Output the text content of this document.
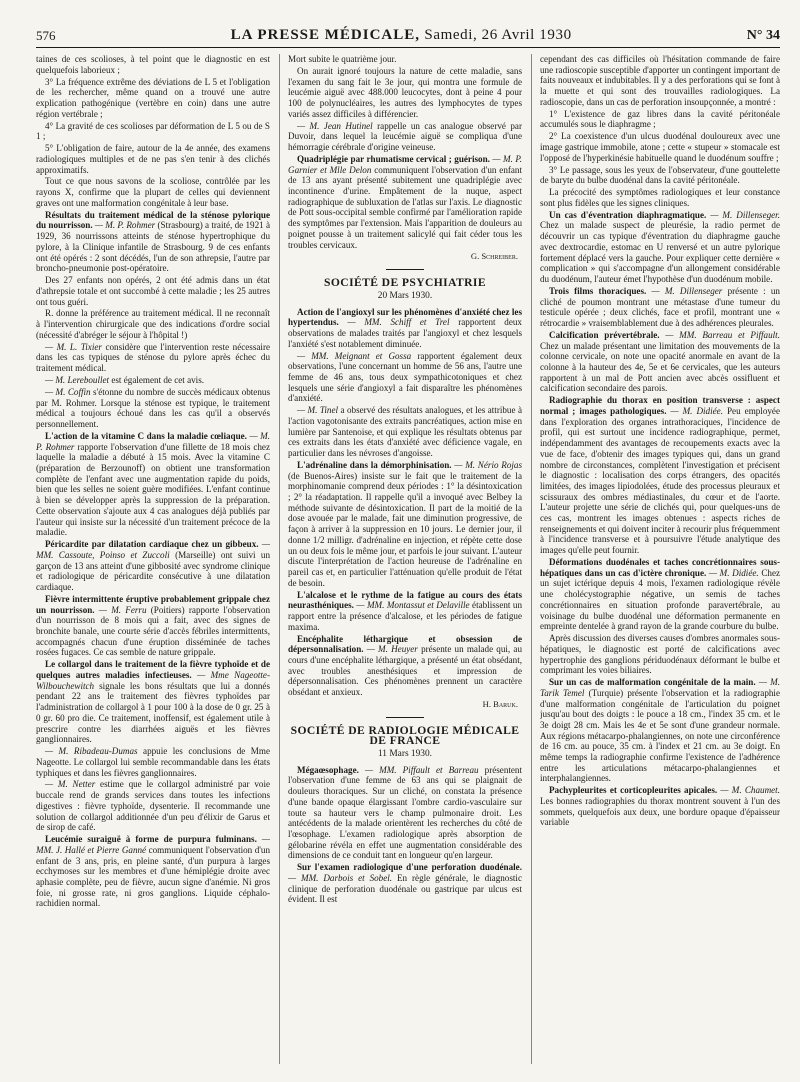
576	LA PRESSE MÉDICALE, Samedi, 26 Avril 1930	N° 34

taines de ces scolioses, à tel point que le diagnostic en est quelquefois laborieux ;

3° La fréquence extrême des déviations de L 5 et l'obligation de les rechercher, même quand on a trouvé une autre explication pathogénique (vertèbre en coin) dans une autre région vertébrale ;

4° La gravité de ces scolioses par déformation de L 5 ou de S 1 ;

5° L'obligation de faire, autour de la 4e année, des examens radiologiques multiples et de ne pas s'en tenir à des clichés approximatifs.

Tout ce que nous savons de la scoliose, contrôlée par les rayons X, confirme que la plupart de celles qui deviennent graves ont une malformation congénitale à leur base.

Résultats du traitement médical de la sténose pylorique du nourrisson. — M. P. Rohmer (Strasbourg) a traité, de 1921 à 1929, 36 nourrissons atteints de sténose hypertrophique du pylore, à la Clinique infantile de Strasbourg. 9 de ces enfants ont été opérés : 2 sont décédés, l'un de son athrepsie, l'autre par broncho-pneumonie post-opératoire.

Des 27 enfants non opérés, 2 ont été admis dans un état d'athrepsie totale et ont succombé à cette maladie ; les 25 autres ont tous guéri.

R. donne la préférence au traitement médical. Il ne reconnaît à l'intervention chirurgicale que des indications d'ordre social (nécessité d'abréger le séjour à l'hôpital !)

— M. L. Tixier considère que l'intervention reste nécessaire dans les cas typiques de sténose du pylore après échec du traitement médical.

— M. Lereboullet est également de cet avis.

— M. Coffin s'étonne du nombre de succès médicaux obtenus par M. Rohmer. Lorsque la sténose est typique, le traitement médical a toujours échoué dans les cas qu'il a observés personnellement.

L'action de la vitamine C dans la maladie cœliaque. — M. P. Rohmer rapporte l'observation d'une fillette de 18 mois chez laquelle la maladie a débuté à 15 mois. Avec la vitamine C (préparation de Berzounoff) on obtient une transformation complète de l'enfant avec une augmentation rapide du poids, bien que les selles ne soient guère modifiées. L'enfant continue à bien se développer après la suppression de la préparation. Cette observation s'ajoute aux 4 cas analogues déjà publiés par l'auteur qui insiste sur la nécessité d'un traitement précoce de la maladie.

Péricardite par dilatation cardiaque chez un gibbeux. — MM. Cassoute, Poinso et Zuccoli (Marseille) ont suivi un garçon de 13 ans atteint d'une gibbosité avec syndrome clinique et radiologique de péricardite consécutive à une dilatation cardiaque.

Fièvre intermittente éruptive probablement grippale chez un nourrisson. — M. Ferru (Poitiers) rapporte l'observation d'un nourrisson de 8 mois qui a fait, avec des signes de bronchite banale, une courte série d'accès fébriles intermittents, accompagnés chacun d'une éruption disséminée de taches rosées fugaces. Ce cas semble de nature grippale.

Le collargol dans le traitement de la fièvre typhoïde et de quelques autres maladies infectieuses. — Mme Nageotte-Wilbouchewitch signale les bons résultats que lui a donnés pendant 22 ans le traitement des fièvres typhoïdes par l'administration de collargol à 1 pour 100 à la dose de 0 gr. 25 à 0 gr. 60 pro die. Ce traitement, inoffensif, est également utile à prescrire contre les diarrhées aiguës et les fièvres ganglionnaires.

— M. Ribadeau-Dumas appuie les conclusions de Mme Nageotte. Le collargol lui semble recommandable dans les états typhiques et dans les fièvres ganglionnaires.

— M. Netter estime que le collargol administré par voie buccale rend de grands services dans toutes les infections digestives : fièvre typhoïde, dysenterie. Il recommande une solution de collargol additionnée d'un peu d'élixir de Garus et de sirop de café.

Leucémie suraiguë à forme de purpura fulminans. — MM. J. Hallé et Pierre Ganné communiquent l'observation d'un enfant de 3 ans, pris, en pleine santé, d'un purpura à larges ecchymoses sur les membres et d'une hémiplégie droite avec aphasie complète, peu de fièvre, aucun signe d'anémie. Ni gros foie, ni grosse rate, ni gros ganglions. Liquide céphalo-rachidien normal.

Mort subite le quatrième jour.

On aurait ignoré toujours la nature de cette maladie, sans l'examen du sang fait le 3e jour, qui montra une formule de leucémie aiguë avec 488.000 leucocytes, dont à peine 4 pour 100 de polynucléaires, les autres des lymphocytes de types variés assez difficiles à différencier.

— M. Jean Hutinel rappelle un cas analogue observé par Duvoir, dans lequel la leucémie aiguë se compliqua d'une hémorragie cérébrale d'origine veineuse.

Quadriplégie par rhumatisme cervical ; guérison. — M. P. Garnier et Mlle Delon communiquent l'observation d'un enfant de 13 ans ayant présenté subitement une quadriplégie avec incontinence d'urine. Empâtement de la nuque, aspect radiographique de subluxation de l'atlas sur l'axis. Le diagnostic de Pott sous-occipital semble confirmé par l'amélioration rapide des symptômes par l'extension. Mais l'apparition de douleurs au poignet pousse à un traitement salicylé qui fait céder tous les troubles cervicaux.

G. Schreiber.

SOCIÉTÉ DE PSYCHIATRIE
20 Mars 1930.

Action de l'angioxyl sur les phénomènes d'anxiété chez les hypertendus. — MM. Schiff et Trel rapportent deux observations de malades traités par l'angioxyl et chez lesquels l'anxiété s'est notablement diminuée.

— MM. Meignant et Gossa rapportent également deux observations, l'une concernant un homme de 56 ans, l'autre une femme de 46 ans, tous deux sympathicotoniques et chez lesquels une série d'angioxyl a fait disparaître les phénomènes d'anxiété.

— M. Tinel a observé des résultats analogues, et les attribue à l'action vagotonisante des extraits pancréatiques, action mise en lumière par Santenoise, et qui explique les résultats obtenus par ces extraits dans les états d'anxiété avec déficience vagale, en particulier dans les névroses d'angoisse.

L'adrénaline dans la démorphinisation. — M. Nério Rojas (de Buenos-Aires) insiste sur le fait que le traitement de la morphinomanie comprend deux périodes : 1° la désintoxication ; 2° la réadaptation. Il rappelle qu'il a invoqué avec Belbey la méthode suivante de désintoxication. Il part de la moitié de la dose avouée par le malade, fait une diminution progressive, de façon à arriver à la suppression en 10 jours. Le dernier jour, il donne 1/2 milligr. d'adrénaline en injection, et répète cette dose un ou deux fois le même jour, et parfois le jour suivant. L'auteur discute l'interprétation de l'action heureuse de l'adrénaline en pareil cas et, en particulier l'atténuation qu'elle produit de l'état de besoin.

L'alcalose et le rythme de la fatigue au cours des états neurasthéniques. — MM. Montassut et Delaville établissent un rapport entre la présence d'alcalose, et les périodes de fatigue maxima.

Encéphalite léthargique et obsession de dépersonnalisation. — M. Heuyer présente un malade qui, au cours d'une encéphalite léthargique, a présenté un état obsédant, avec troubles anesthésiques et impression de dépersonnalisation. Ces phénomènes prennent un caractère obsédant et anxieux.

H. Baruk.

SOCIÉTÉ DE RADIOLOGIE MÉDICALE DE FRANCE
11 Mars 1930.

Mégaœsophage. — MM. Piffault et Barreau présentent l'observation d'une femme de 63 ans qui se plaignait de douleurs thoraciques. Sur un cliché, on constata la présence d'une bande opaque élargissant l'ombre cardio-vasculaire sur toute sa hauteur vers le champ pulmonaire droit. Les antécédents de la malade orientèrent les recherches du côté de l'œsophage. L'examen radiologique après absorption de gélobarine révéla en effet une augmentation considérable des dimensions de ce conduit tant en longueur qu'en largeur.

Sur l'examen radiologique d'une perforation duodénale. — MM. Darbois et Sobel. En règle générale, le diagnostic clinique de perforation duodénale ou gastrique par ulcus est évident. Il est

cependant des cas difficiles où l'hésitation commande de faire une radioscopie susceptible d'apporter un contingent important de faits nouveaux et indubitables. Il y a des perforations qui se font à la muette et qui sont des trouvailles radiologiques. La radioscopie, dans un cas de perforation insoupçonnée, a montré :

1° L'existence de gaz libres dans la cavité péritonéale accumulés sous le diaphragme ;

2° La coexistence d'un ulcus duodénal douloureux avec une image gastrique immobile, atone ; cette « stupeur » stomacale est l'opposé de l'hyperkinésie habituelle quand le duodénum souffre ;

3° Le passage, sous les yeux de l'observateur, d'une gouttelette de baryte du bulbe duodénal dans la cavité péritonéale.

La précocité des symptômes radiologiques et leur constance sont plus fidèles que les signes cliniques.

Un cas d'éventration diaphragmatique. — M. Dillenseger. Chez un malade suspect de pleurésie, la radio permet de découvrir un cas typique d'éventration du diaphragme gauche avec dextrocardie, estomac en U renversé et un autre pylorique fortement déplacé vers la gauche. Pour expliquer cette dernière « complication » qui s'accompagne d'un allongement considérable du duodénum, l'auteur émet l'hypothèse d'un duodénum mobile.

Trois films thoraciques. — M. Dillenseger présente : un cliché de poumon montrant une métastase d'une tumeur du testicule opérée ; deux clichés, face et profil, montrant une « rétrocardie » vraisemblablement due à des adhérences pleurales.

Calcification prévertébrale. — MM. Barreau et Piffault. Chez un malade présentant une limitation des mouvements de la colonne cervicale, on note une opacité anormale en avant de la colonne à la hauteur des 4e, 5e et 6e cervicales, que les auteurs rapportent à un mal de Pott ancien avec abcès ossifluent et calcification secondaire des parois.

Radiographie du thorax en position transverse : aspect normal ; images pathologiques. — M. Didiée. Peu employée dans l'exploration des organes intrathoraciques, l'incidence de profil, qui est surtout une incidence radiographique, permet, indépendamment des avantages de recoupements exacts avec la vue de face, d'obtenir des images typiques qui, dans un grand nombre de circonstances, complètent l'investigation et précisent le diagnostic : localisation des corps étrangers, des opacités limitées, des images lipiodolées, étude des processus pleuraux et scissuraux des ombres médiastinales, du cœur et de l'aorte. L'auteur projette une série de clichés qui, pour quelques-uns de ces cas, montrent les images obtenues : aspects riches de renseignements et qui doivent inciter à recourir plus fréquemment à l'incidence transverse et à poursuivre l'étude analytique des images qu'elle peut fournir.

Déformations duodénales et taches concrétionnaires sous-hépatiques dans un cas d'ictère chronique. — M. Didiée. Chez un sujet ictérique depuis 4 mois, l'examen radiologique révèle une cholécystographie négative, un semis de taches concrétionnaires en situation profonde paravertébrale, au voisinage du bulbe duodénal une déformation permanente en empreinte dentelée à grand rayon de la grande courbure du bulbe.

Après discussion des diverses causes d'ombres anormales sous-hépatiques, le diagnostic est porté de calcifications avec hypertrophie des ganglions périduodénaux déformant le bulbe et comprimant les voies biliaires.

Sur un cas de malformation congénitale de la main. — M. Tarik Temel (Turquie) présente l'observation et la radiographie d'une malformation congénitale de l'articulation du poignet jusqu'au bout des doigts : le pouce a 18 cm., l'index 35 cm. et le 3e doigt 28 cm. Mais les 4e et 5e sont d'une grandeur normale. Aux régions métacarpo-phalangiennes, on note une circonférence de 16 cm. au pouce, 35 cm. à l'index et 21 cm. au 3e doigt. En même temps la radiographie confirme l'existence de l'adhérence entre les articulations métacarpo-phalangiennes et interphalangiennes.

Pachypleurites et corticopleurites apicales. — M. Chaumet. Les bonnes radiographies du thorax montrent souvent à l'un des sommets, quelquefois aux deux, une bordure opaque d'épaisseur variable
